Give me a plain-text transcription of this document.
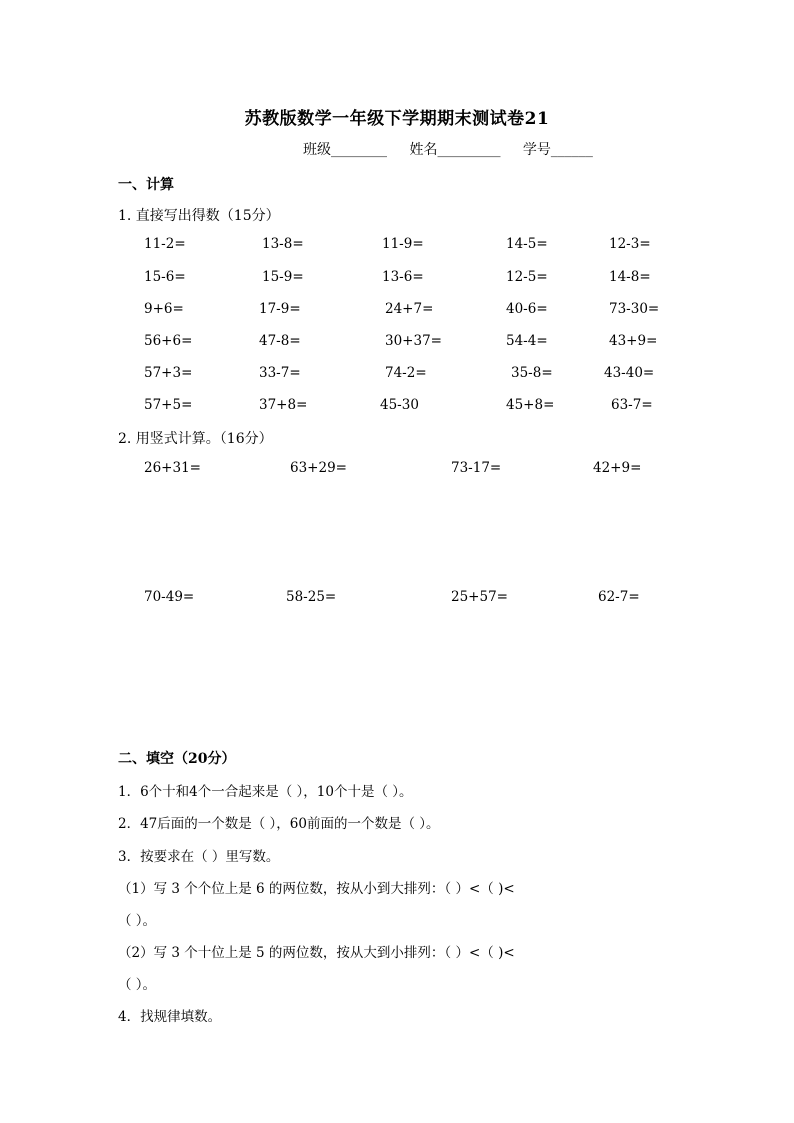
苏教版数学一年级下学期期末测试卷21
班级________ 姓名_________ 学号______
一、计算
1. 直接写出得数（15分）
11-2=	13-8=	11-9=	14-5=	12-3=
15-6=	15-9=	13-6=	12-5=	14-8=
9+6=	17-9=	24+7=	40-6=	73-30=
56+6=	47-8=	30+37=	54-4=	43+9=
57+3=	33-7=	74-2=	35-8=	43-40=
57+5=	37+8=	45-30	45+8=	63-7=
2. 用竖式计算。（16分）
26+31=	63+29=	73-17=	42+9=
70-49=	58-25=	25+57=	62-7=
二、填空（20分）
1．6个十和4个一合起来是（ ），10个十是（ ）。
2．47后面的一个数是（ ），60前面的一个数是（ ）。
3．按要求在（ ）里写数。
（1）写 3 个个位上是 6 的两位数，按从小到大排列：（ ）<（ )<
（ ）。
（2）写 3 个十位上是 5 的两位数，按从大到小排列：（ ）<（ )<
（ ）。
4．找规律填数。
